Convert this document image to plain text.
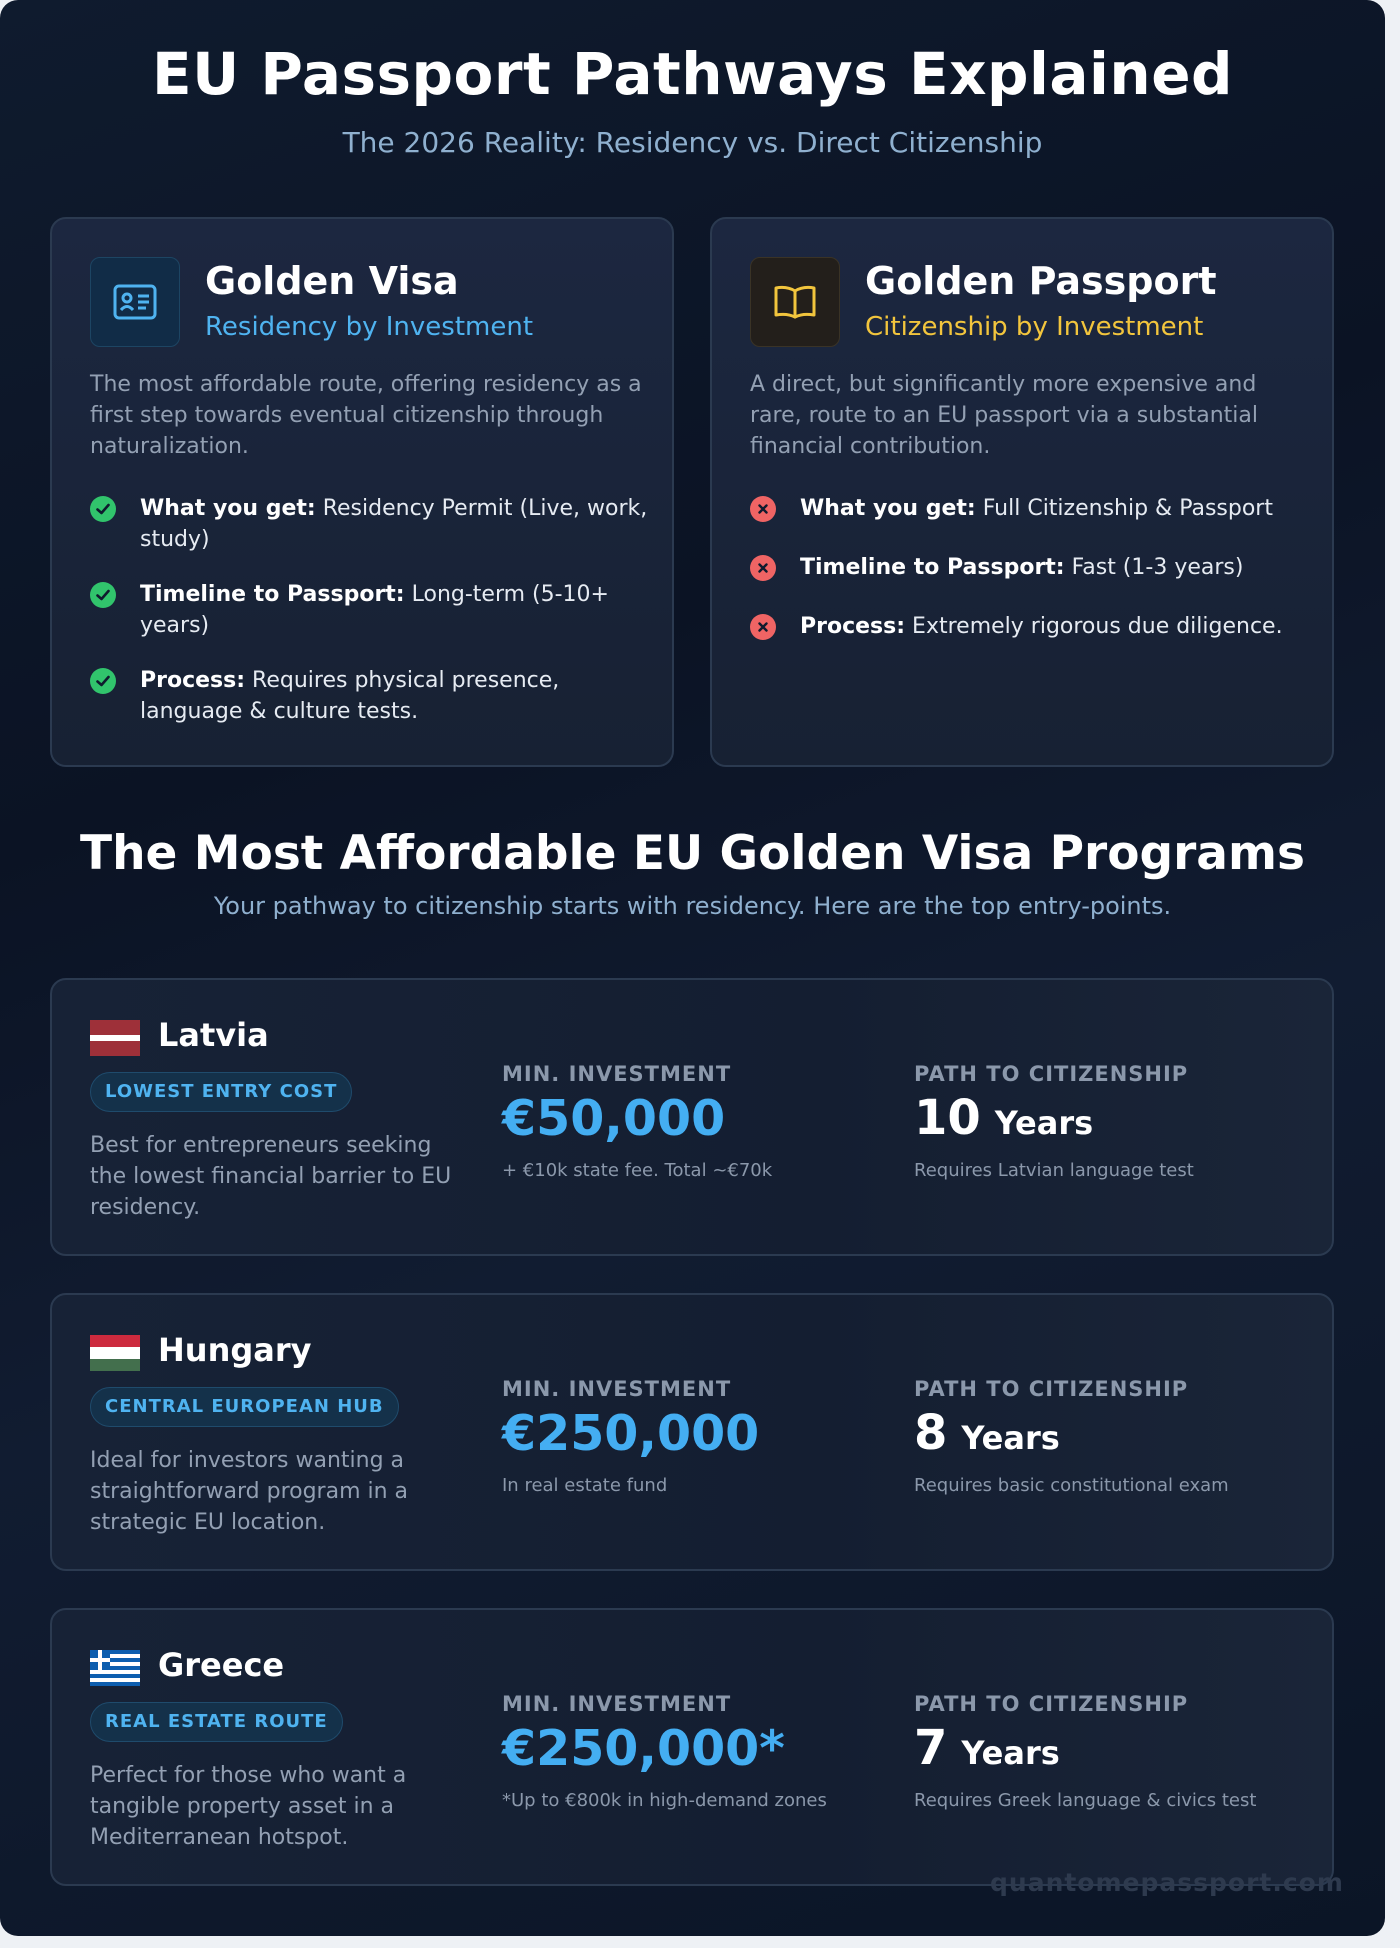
EU Passport Pathways Explained
The 2026 Reality: Residency vs. Direct Citizenship
Golden Visa
Residency by Investment
The most affordable route, offering residency as a first step towards eventual citizenship through naturalization.
What you get: Residency Permit (Live, work, study)
Timeline to Passport: Long-term (5-10+ years)
Process: Requires physical presence, language & culture tests.
Golden Passport
Citizenship by Investment
A direct, but significantly more expensive and rare, route to an EU passport via a substantial financial contribution.
What you get: Full Citizenship & Passport
Timeline to Passport: Fast (1-3 years)
Process: Extremely rigorous due diligence.
The Most Affordable EU Golden Visa Programs
Your pathway to citizenship starts with residency. Here are the top entry-points.
Latvia
LOWEST ENTRY COST
Best for entrepreneurs seeking the lowest financial barrier to EU residency.
MIN. INVESTMENT
€50,000
+ €10k state fee. Total ~€70k
PATH TO CITIZENSHIP
10 Years
Requires Latvian language test
Hungary
CENTRAL EUROPEAN HUB
Ideal for investors wanting a straightforward program in a strategic EU location.
MIN. INVESTMENT
€250,000
In real estate fund
PATH TO CITIZENSHIP
8 Years
Requires basic constitutional exam
Greece
REAL ESTATE ROUTE
Perfect for those who want a tangible property asset in a Mediterranean hotspot.
MIN. INVESTMENT
€250,000*
*Up to €800k in high-demand zones
PATH TO CITIZENSHIP
7 Years
Requires Greek language & civics test
quantomepassport.com
